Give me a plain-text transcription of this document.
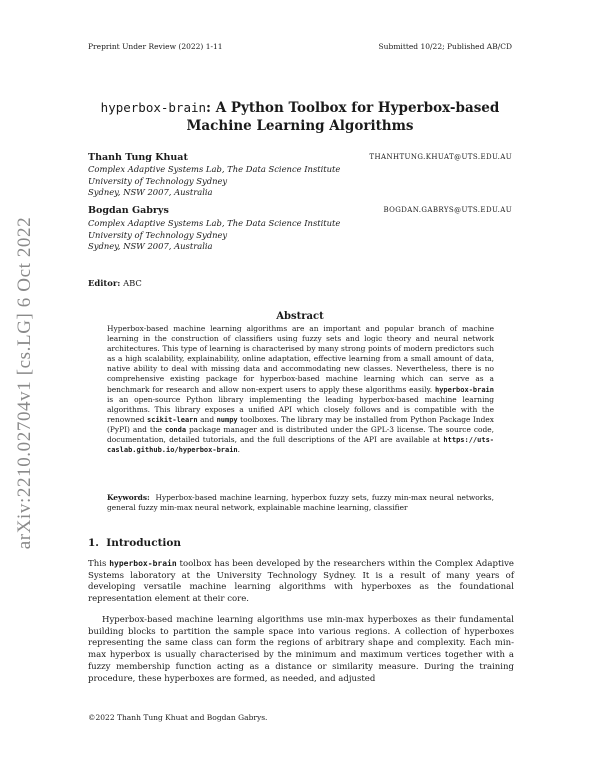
Preprint Under Review (2022) 1-11	Submitted 10/22; Published AB/CD
arXiv:2210.02704v1 [cs.LG] 6 Oct 2022
hyperbox-brain: A Python Toolbox for Hyperbox-based
Machine Learning Algorithms
Thanh Tung Khuat	THANHTUNG.KHUAT@UTS.EDU.AU
Complex Adaptive Systems Lab, The Data Science Institute
University of Technology Sydney
Sydney, NSW 2007, Australia
Bogdan Gabrys	BOGDAN.GABRYS@UTS.EDU.AU
Complex Adaptive Systems Lab, The Data Science Institute
University of Technology Sydney
Sydney, NSW 2007, Australia
Editor: ABC
Abstract
Hyperbox-based machine learning algorithms are an important and popular branch of machine learning in the construction of classifiers using fuzzy sets and logic theory and neural network architectures. This type of learning is characterised by many strong points of modern predictors such as a high scalability, explainability, online adaptation, effective learning from a small amount of data, native ability to deal with missing data and accommodating new classes. Nevertheless, there is no comprehensive existing package for hyperbox-based machine learning which can serve as a benchmark for research and allow non-expert users to apply these algorithms easily. hyperbox-brain is an open-source Python library implementing the leading hyperbox-based machine learning algorithms. This library exposes a unified API which closely follows and is compatible with the renowned scikit-learn and numpy toolboxes. The library may be installed from Python Package Index (PyPI) and the conda package manager and is distributed under the GPL-3 license. The source code, documentation, detailed tutorials, and the full descriptions of the API are available at https://uts-caslab.github.io/hyperbox-brain.
Keywords: Hyperbox-based machine learning, hyperbox fuzzy sets, fuzzy min-max neural networks, general fuzzy min-max neural network, explainable machine learning, classifier
1. Introduction
This hyperbox-brain toolbox has been developed by the researchers within the Complex Adaptive Systems laboratory at the University Technology Sydney. It is a result of many years of developing versatile machine learning algorithms with hyperboxes as the foundational representation element at their core.
Hyperbox-based machine learning algorithms use min-max hyperboxes as their fundamental building blocks to partition the sample space into various regions. A collection of hyperboxes representing the same class can form the regions of arbitrary shape and complexity. Each min-max hyperbox is usually characterised by the minimum and maximum vertices together with a fuzzy membership function acting as a distance or similarity measure. During the training procedure, these hyperboxes are formed, as needed, and adjusted
©2022 Thanh Tung Khuat and Bogdan Gabrys.
